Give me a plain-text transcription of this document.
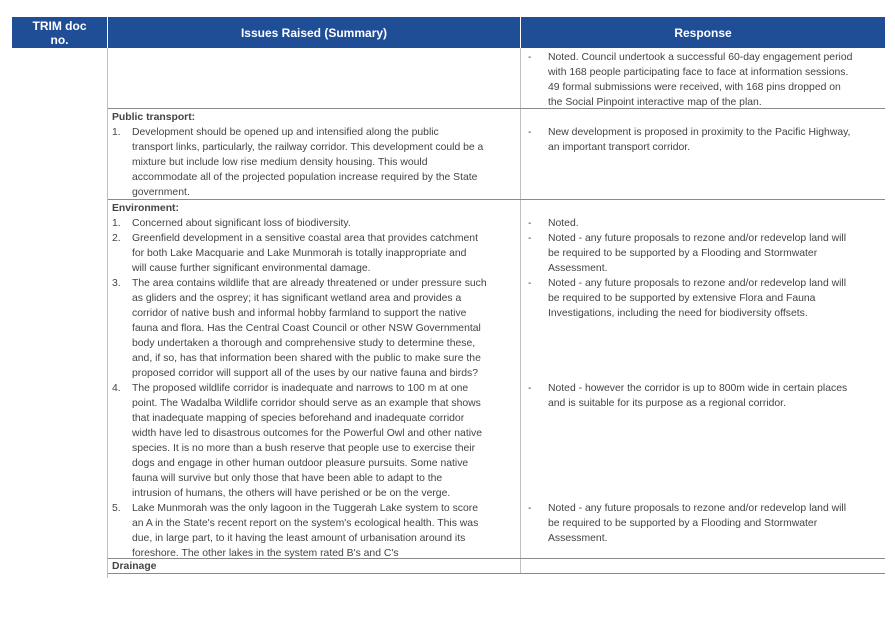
TRIM doc
no.	Issues Raised (Summary)	Response
- Noted. Council undertook a successful 60-day engagement period
with 168 people participating face to face at information sessions.
49 formal submissions were received, with 168 pins dropped on
the Social Pinpoint interactive map of the plan.
Public transport:
1. Development should be opened up and intensified along the public
transport links, particularly, the railway corridor. This development could be a
mixture but include low rise medium density housing. This would
accommodate all of the projected population increase required by the State
government.
- New development is proposed in proximity to the Pacific Highway,
an important transport corridor.
Environment:
1. Concerned about significant loss of biodiversity.
2. Greenfield development in a sensitive coastal area that provides catchment
for both Lake Macquarie and Lake Munmorah is totally inappropriate and
will cause further significant environmental damage.
3. The area contains wildlife that are already threatened or under pressure such
as gliders and the osprey; it has significant wetland area and provides a
corridor of native bush and informal hobby farmland to support the native
fauna and flora. Has the Central Coast Council or other NSW Governmental
body undertaken a thorough and comprehensive study to determine these,
and, if so, has that information been shared with the public to make sure the
proposed corridor will support all of the uses by our native fauna and birds?
4. The proposed wildlife corridor is inadequate and narrows to 100 m at one
point. The Wadalba Wildlife corridor should serve as an example that shows
that inadequate mapping of species beforehand and inadequate corridor
width have led to disastrous outcomes for the Powerful Owl and other native
species. It is no more than a bush reserve that people use to exercise their
dogs and engage in other human outdoor pleasure pursuits. Some native
fauna will survive but only those that have been able to adapt to the
intrusion of humans, the others will have perished or be on the verge.
5. Lake Munmorah was the only lagoon in the Tuggerah Lake system to score
an A in the State's recent report on the system's ecological health. This was
due, in large part, to it having the least amount of urbanisation around its
foreshore. The other lakes in the system rated B's and C's
- Noted.
- Noted - any future proposals to rezone and/or redevelop land will
be required to be supported by a Flooding and Stormwater
Assessment.
- Noted - any future proposals to rezone and/or redevelop land will
be required to be supported by extensive Flora and Fauna
Investigations, including the need for biodiversity offsets.
- Noted - however the corridor is up to 800m wide in certain places
and is suitable for its purpose as a regional corridor.
- Noted - any future proposals to rezone and/or redevelop land will
be required to be supported by a Flooding and Stormwater
Assessment.
Drainage
